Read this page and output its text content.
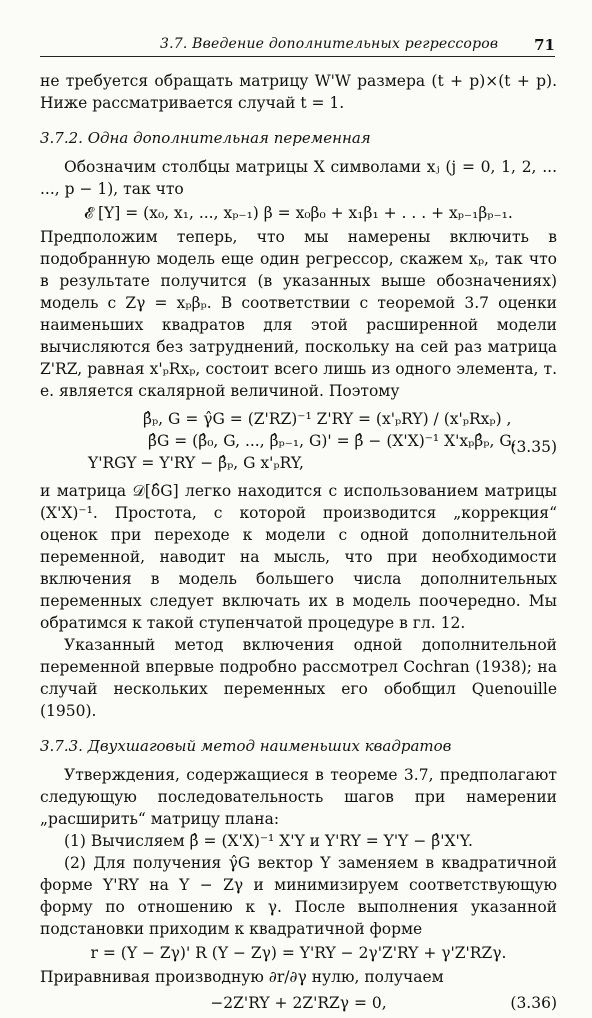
3.7. Введение дополнительных регрессоров 71

не требуется обращать матрицу W'W размера (t + p)×(t + p). Ниже рассматривается случай t = 1.

3.7.2. Одна дополнительная переменная

Обозначим столбцы матрицы X символами xⱼ (j = 0, 1, 2, ... ..., p − 1), так что

𝓔 [Y] = (x₀, x₁, ..., xₚ₋₁) β = x₀β₀ + x₁β₁ + . . . + xₚ₋₁βₚ₋₁.

Предположим теперь, что мы намерены включить в подобранную модель еще один регрессор, скажем xₚ, так что в результате получится (в указанных выше обозначениях) модель с Zγ = xₚβₚ. В соответствии с теоремой 3.7 оценки наименьших квадратов для этой расширенной модели вычисляются без затруднений, поскольку на сей раз матрица Z'RZ, равная x'ₚRxₚ, состоит всего лишь из одного элемента, т. е. является скалярной величиной. Поэтому

β̂ₚ, G = γ̂G = (Z'RZ)⁻¹ Z'RY = (x'ₚRY) / (x'ₚRxₚ) ,
β̂G = (β̂₀, G, ..., β̂ₚ₋₁, G)' = β̂ − (X'X)⁻¹ X'xₚβ̂ₚ, G,
Y'RGY = Y'RY − β̂ₚ, G x'ₚRY,
(3.35)

и матрица 𝒟[δ̂G] легко находится с использованием матрицы (X'X)⁻¹. Простота, с которой производится „коррекция“ оценок при переходе к модели с одной дополнительной переменной, наводит на мысль, что при необходимости включения в модель большего числа дополнительных переменных следует включать их в модель поочередно. Мы обратимся к такой ступенчатой процедуре в гл. 12.

Указанный метод включения одной дополнительной переменной впервые подробно рассмотрел Cochran (1938); на случай нескольких переменных его обобщил Quenouille (1950).

3.7.3. Двухшаговый метод наименьших квадратов

Утверждения, содержащиеся в теореме 3.7, предполагают следующую последовательность шагов при намерении „расширить“ матрицу плана:

(1) Вычисляем β̂ = (X'X)⁻¹ X'Y и Y'RY = Y'Y − β̂'X'Y.

(2) Для получения γ̂G вектор Y заменяем в квадратичной форме Y'RY на Y − Zγ и минимизируем соответствующую форму по отношению к γ. После выполнения указанной подстановки приходим к квадратичной форме

r = (Y − Zγ)' R (Y − Zγ) = Y'RY − 2γ'Z'RY + γ'Z'RZγ.

Приравнивая производную ∂r/∂γ нулю, получаем

−2Z'RY + 2Z'RZγ = 0,	(3.36)
